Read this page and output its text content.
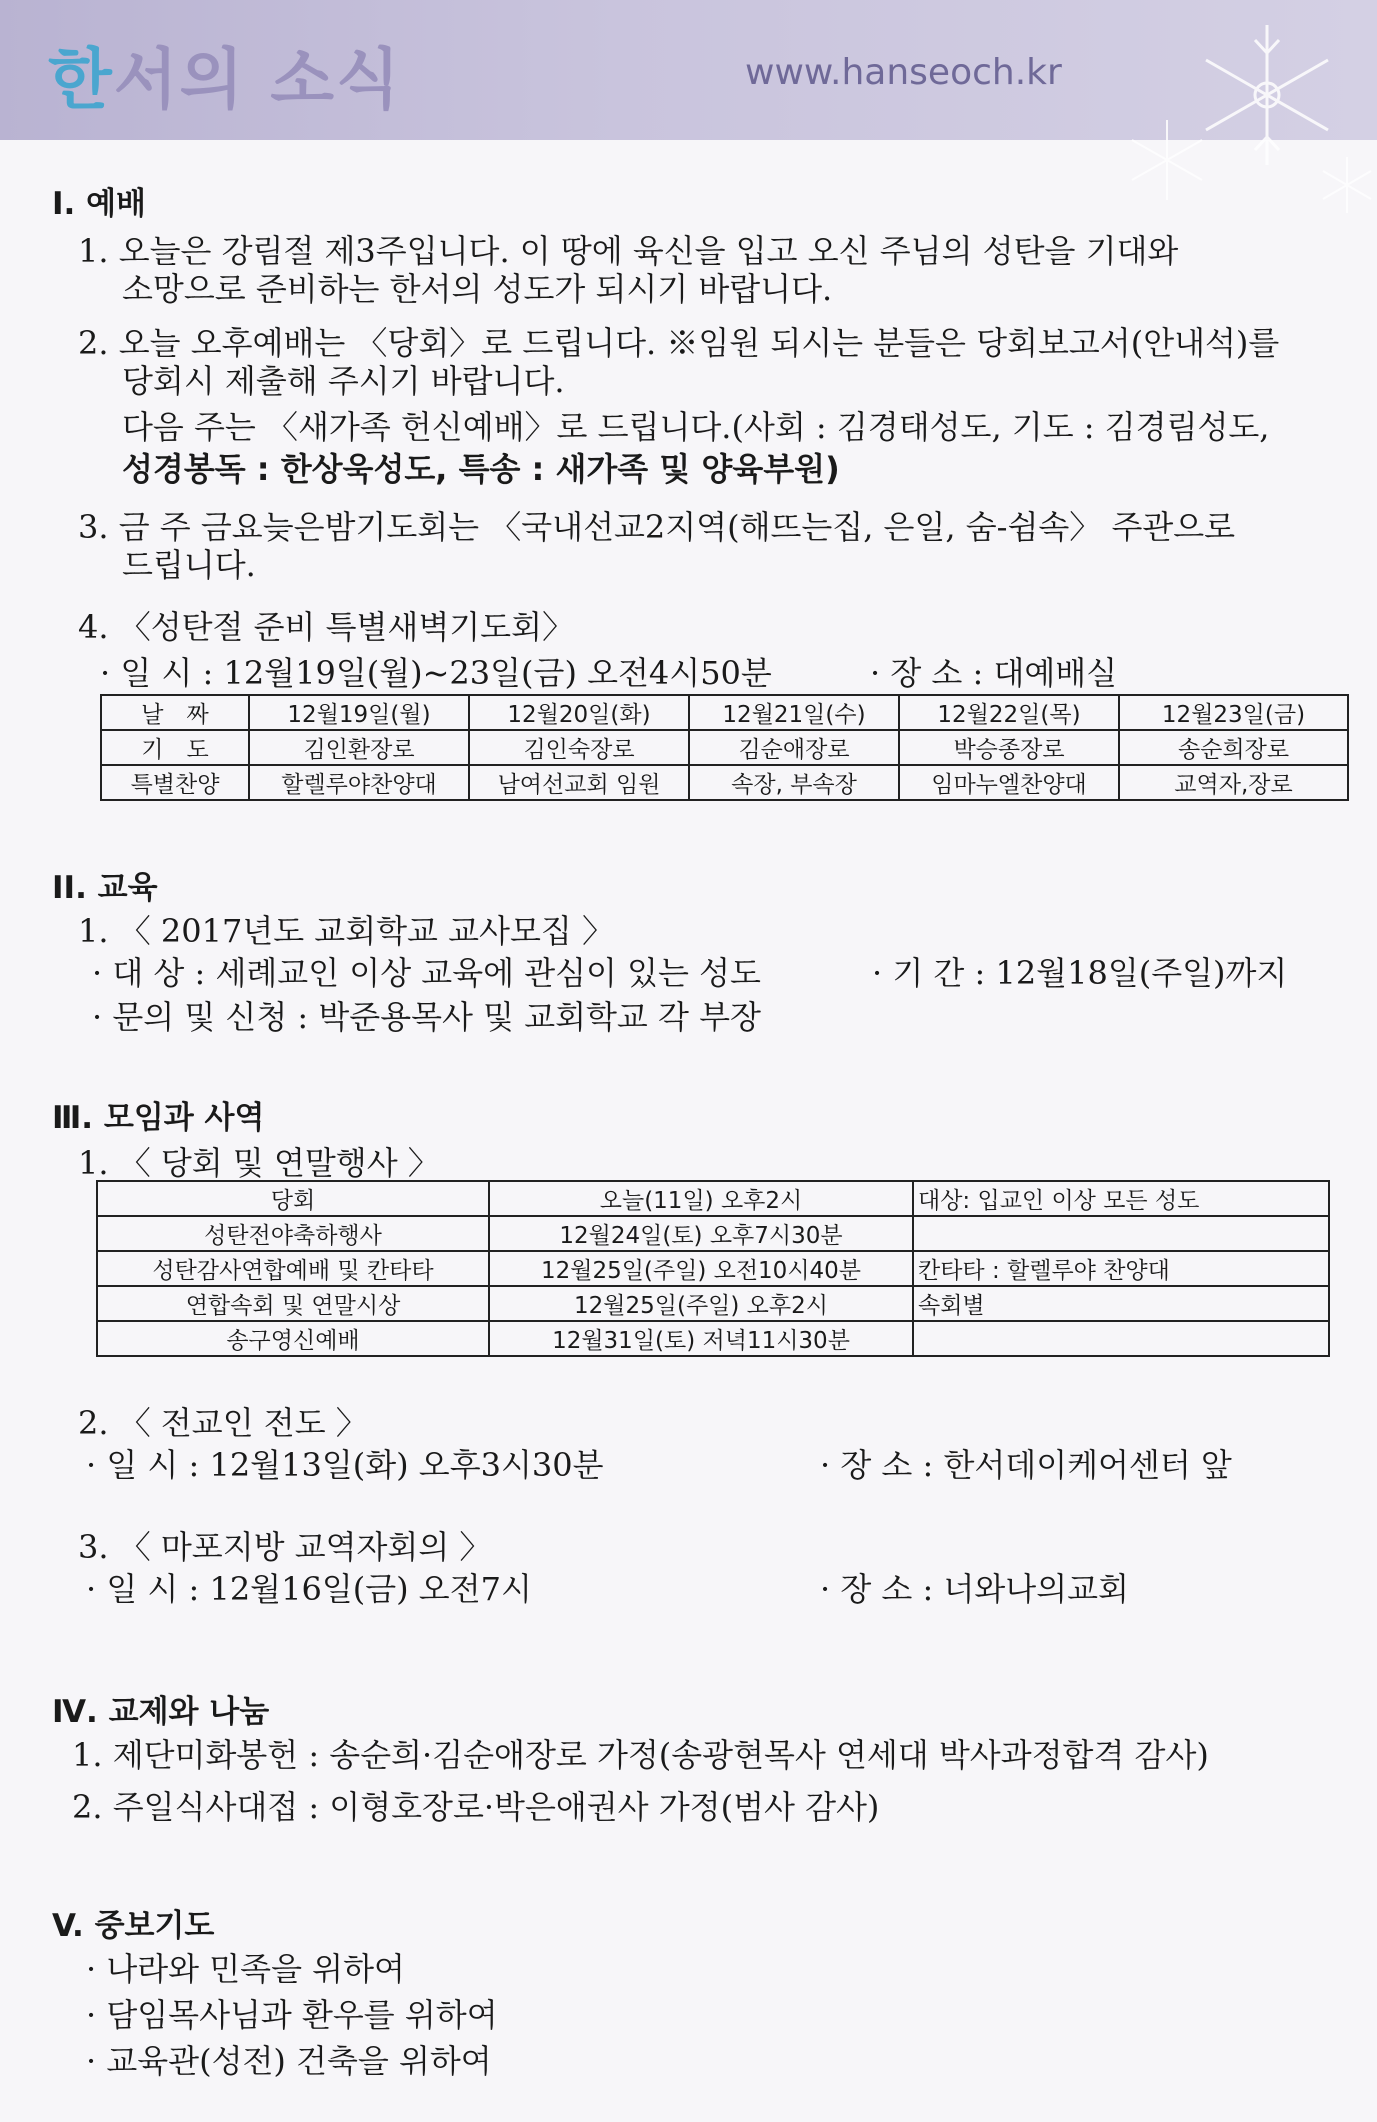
한서의 소식	www.hanseoch.kr
I. 예배
1. 오늘은 강림절 제3주입니다. 이 땅에 육신을 입고 오신 주님의 성탄을 기대와
소망으로 준비하는 한서의 성도가 되시기 바랍니다.
2. 오늘 오후예배는 〈당회〉로 드립니다. ※임원 되시는 분들은 당회보고서(안내석)를
당회시 제출해 주시기 바랍니다.
다음 주는 〈새가족 헌신예배〉로 드립니다.(사회 : 김경태성도, 기도 : 김경림성도,
성경봉독 : 한상욱성도, 특송 : 새가족 및 양육부원)
3. 금 주 금요늦은밤기도회는 〈국내선교2지역(해뜨는집, 은일, 숨-쉼속〉 주관으로
드립니다.
4. 〈성탄절 준비 특별새벽기도회〉
· 일 시 : 12월19일(월)~23일(금) 오전4시50분	· 장 소 : 대예배실
날　짜	12월19일(월)	12월20일(화)	12월21일(수)	12월22일(목)	12월23일(금)
기　도	김인환장로	김인숙장로	김순애장로	박승종장로	송순희장로
특별찬양	할렐루야찬양대	남여선교회 임원	속장, 부속장	임마누엘찬양대	교역자,장로
II. 교육
1. 〈 2017년도 교회학교 교사모집 〉
· 대 상 : 세례교인 이상 교육에 관심이 있는 성도	· 기 간 : 12월18일(주일)까지
· 문의 및 신청 : 박준용목사 및 교회학교 각 부장
Ⅲ. 모임과 사역
1. 〈 당회 및 연말행사 〉
당회	오늘(11일) 오후2시	대상: 입교인 이상 모든 성도
성탄전야축하행사	12월24일(토) 오후7시30분	
성탄감사연합예배 및 칸타타	12월25일(주일) 오전10시40분	칸타타 : 할렐루야 찬양대
연합속회 및 연말시상	12월25일(주일) 오후2시	속회별
송구영신예배	12월31일(토) 저녁11시30분	
2. 〈 전교인 전도 〉
· 일 시 : 12월13일(화) 오후3시30분	· 장 소 : 한서데이케어센터 앞
3. 〈 마포지방 교역자회의 〉
· 일 시 : 12월16일(금) 오전7시	· 장 소 : 너와나의교회
Ⅳ. 교제와 나눔
1. 제단미화봉헌 : 송순희·김순애장로 가정(송광현목사 연세대 박사과정합격 감사)
2. 주일식사대접 : 이형호장로·박은애권사 가정(범사 감사)
V. 중보기도
· 나라와 민족을 위하여
· 담임목사님과 환우를 위하여
· 교육관(성전) 건축을 위하여
